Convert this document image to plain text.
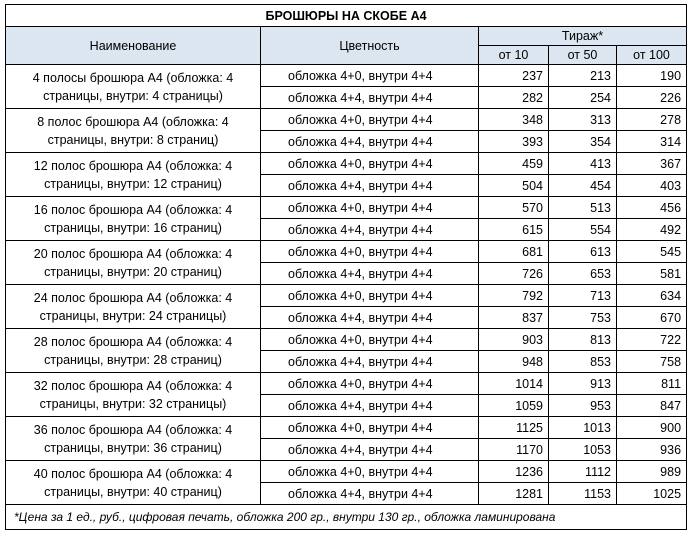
БРОШЮРЫ НА СКОБЕ А4				
Наименование	Цветность	Тираж*		
		от 10	от 50	от 100
4 полосы брошюра А4 (обложка: 4 страницы, внутри: 4 страницы)	обложка 4+0, внутри 4+4	237	213	190
	обложка 4+4, внутри 4+4	282	254	226
8 полос брошюра А4 (обложка: 4 страницы, внутри: 8 страниц)	обложка 4+0, внутри 4+4	348	313	278
	обложка 4+4, внутри 4+4	393	354	314
12 полос брошюра А4 (обложка: 4 страницы, внутри: 12 страниц)	обложка 4+0, внутри 4+4	459	413	367
	обложка 4+4, внутри 4+4	504	454	403
16 полос брошюра А4 (обложка: 4 страницы, внутри: 16 страниц)	обложка 4+0, внутри 4+4	570	513	456
	обложка 4+4, внутри 4+4	615	554	492
20 полос брошюра А4 (обложка: 4 страницы, внутри: 20 страниц)	обложка 4+0, внутри 4+4	681	613	545
	обложка 4+4, внутри 4+4	726	653	581
24 полос брошюра А4 (обложка: 4 страницы, внутри: 24 страницы)	обложка 4+0, внутри 4+4	792	713	634
	обложка 4+4, внутри 4+4	837	753	670
28 полос брошюра А4 (обложка: 4 страницы, внутри: 28 страниц)	обложка 4+0, внутри 4+4	903	813	722
	обложка 4+4, внутри 4+4	948	853	758
32 полос брошюра А4 (обложка: 4 страницы, внутри: 32 страницы)	обложка 4+0, внутри 4+4	1014	913	811
	обложка 4+4, внутри 4+4	1059	953	847
36 полос брошюра А4 (обложка: 4 страницы, внутри: 36 страниц)	обложка 4+0, внутри 4+4	1125	1013	900
	обложка 4+4, внутри 4+4	1170	1053	936
40 полос брошюра А4 (обложка: 4 страницы, внутри: 40 страниц)	обложка 4+0, внутри 4+4	1236	1112	989
	обложка 4+4, внутри 4+4	1281	1153	1025
*Цена за 1 ед., руб., цифровая печать, обложка 200 гр., внутри 130 гр., обложка ламинирована				
